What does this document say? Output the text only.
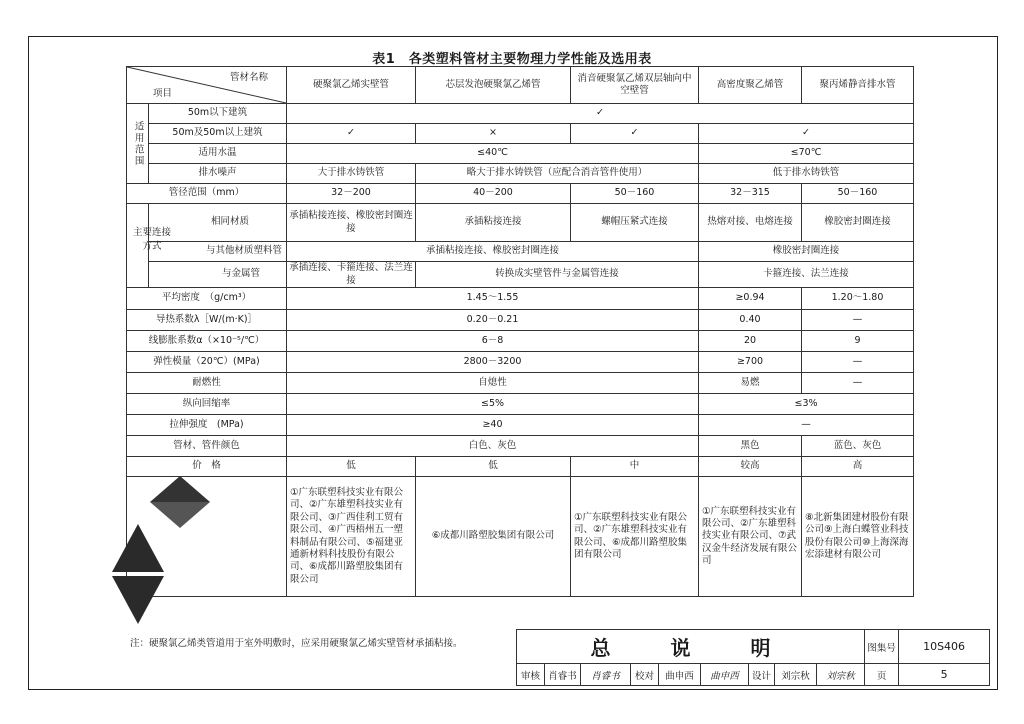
表1　各类塑料管材主要物理力学性能及选用表
管材名称
项目		硬聚氯乙烯实壁管	芯层发泡硬聚氯乙烯管	消音硬聚氯乙烯双层轴向中空壁管	高密度聚乙烯管	聚丙烯静音排水管
适用范围	50m以下建筑	✓				
	50m及50m以上建筑	✓	×	✓	✓	
	适用水温	≤40℃			≤70℃	
	排水噪声	大于排水铸铁管	略大于排水铸铁管（应配合消音管件使用）		低于排水铸铁管	
管径范围（mm）		32－200	40－200	50－160	32－315	50－160

	主要连接方式
相同材质	承插粘接连接、橡胶密封圈连接	承插粘接连接	螺帽压紧式连接	热熔对接、电熔连接	橡胶密封圈连接
	与其他材质塑料管	承插粘接连接、橡胶密封圈连接			橡胶密封圈连接	
	与金属管	承插连接、卡箍连接、法兰连接	转换成实壁管件与金属管连接		卡箍连接、法兰连接	
平均密度　（g/cm³）		1.45～1.55			≥0.94	1.20～1.80
导热系数λ［W/(m·K)］		0.20－0.21			0.40	—
线膨胀系数α（×10⁻⁵/℃）		6－8			20	9
弹性模量（20℃）(MPa)		2800－3200			≥700	—
耐燃性		自熄性			易燃	—
纵向回缩率		≤5%			≤3%	
拉伸强度　(MPa)		≥40			—	
管材、管件颜色		白色、灰色			黑色	蓝色、灰色
价　格		低	低	中	较高	高
		①广东联塑科技实业有限公司、②广东雄塑科技实业有限公司、③广西佳利工贸有限公司、④广西梧州五一塑料制品有限公司、⑤福建亚通新材料科技股份有限公司、⑥成都川路塑胶集团有限公司	⑥成都川路塑胶集团有限公司	①广东联塑科技实业有限公司、②广东雄塑科技实业有限公司、⑥成都川路塑胶集团有限公司	①广东联塑科技实业有限公司、②广东雄塑科技实业有限公司、⑦武汉金牛经济发展有限公司	⑧北新集团建材股份有限公司⑨上海白蝶管业科技股份有限公司⑩上海深海宏添建材有限公司
注：硬聚氯乙烯类管道用于室外明敷时，应采用硬聚氯乙烯实壁管材承插粘接。	总　说　明									图集号	10S406
审核	肖睿书	肖睿书	校对	曲申西	曲申西	设计	刘宗秋	刘宗秋	页	5
